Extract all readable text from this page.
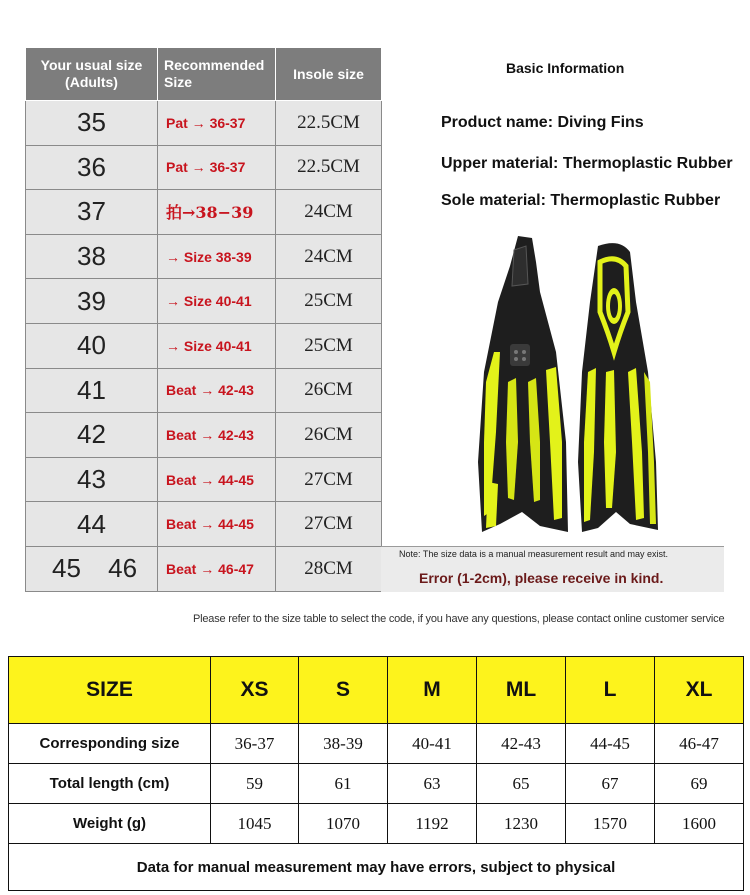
Your usual size (Adults)	Recommended Size	Insole size
35	Pat → 36-37	22.5CM
36	Pat → 36-37	22.5CM
37	拍→38−39	24CM
38	→ Size 38-39	24CM
39	→ Size 40-41	25CM
40	→ Size 40-41	25CM
41	Beat → 42-43	26CM
42	Beat → 42-43	26CM
43	Beat → 44-45	27CM
44	Beat → 44-45	27CM
45 46	Beat → 46-47	28CM
Basic Information
Product name: Diving Fins
Upper material: Thermoplastic Rubber
Sole material: Thermoplastic Rubber
Note: The size data is a manual measurement result and may exist.
Error (1-2cm), please receive in kind.
Please refer to the size table to select the code, if you have any questions, please contact online customer service
SIZE	XS	S	M	ML	L	XL
Corresponding size	36-37	38-39	40-41	42-43	44-45	46-47
Total length (cm)	59	61	63	65	67	69
Weight (g)	1045	1070	1192	1230	1570	1600
Data for manual measurement may have errors, subject to physical						
